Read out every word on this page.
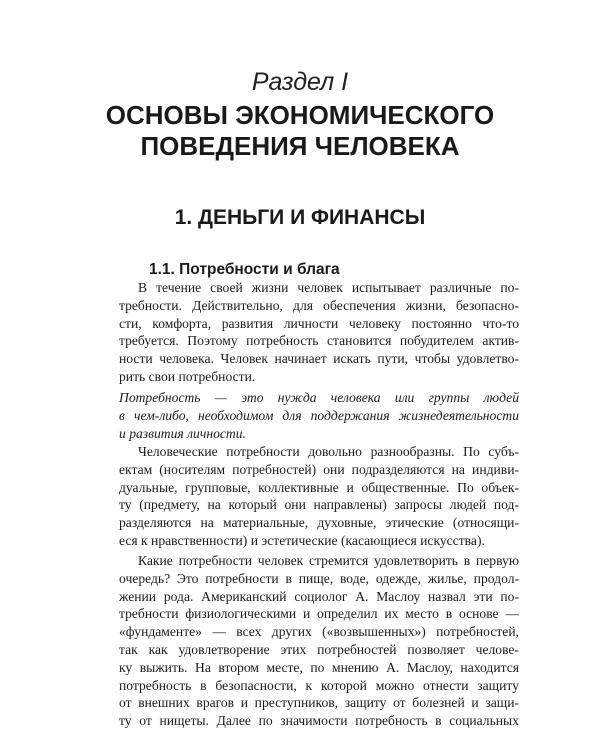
Раздел I
ОСНОВЫ ЭКОНОМИЧЕСКОГО
ПОВЕДЕНИЯ ЧЕЛОВЕКА
1. ДЕНЬГИ И ФИНАНСЫ
1.1. Потребности и блага
В течение своей жизни человек испытывает различные по-
требности. Действительно, для обеспечения жизни, безопасно-
сти, комфорта, развития личности человеку постоянно что-то
требуется. Поэтому потребность становится побудителем актив-
ности человека. Человек начинает искать пути, чтобы удовлетво-
рить свои потребности.
Потребность — это нужда человека или группы людей
в чем-либо, необходимом для поддержания жизнедеятельности
и развития личности.
Человеческие потребности довольно разнообразны. По субъ-
ектам (носителям потребностей) они подразделяются на индиви-
дуальные, групповые, коллективные и общественные. По объек-
ту (предмету, на который они направлены) запросы людей под-
разделяются на материальные, духовные, этические (относящи-
еся к нравственности) и эстетические (касающиеся искусства).
Какие потребности человек стремится удовлетворить в первую
очередь? Это потребности в пище, воде, одежде, жилье, продол-
жении рода. Американский социолог А. Маслоу назвал эти по-
требности физиологическими и определил их место в основе —
«фундаменте» — всех других («возвышенных») потребностей,
так как удовлетворение этих потребностей позволяет челове-
ку выжить. На втором месте, по мнению А. Маслоу, находится
потребность в безопасности, к которой можно отнести защиту
от внешних врагов и преступников, защиту от болезней и защи-
ту от нищеты. Далее по значимости потребность в социальных
